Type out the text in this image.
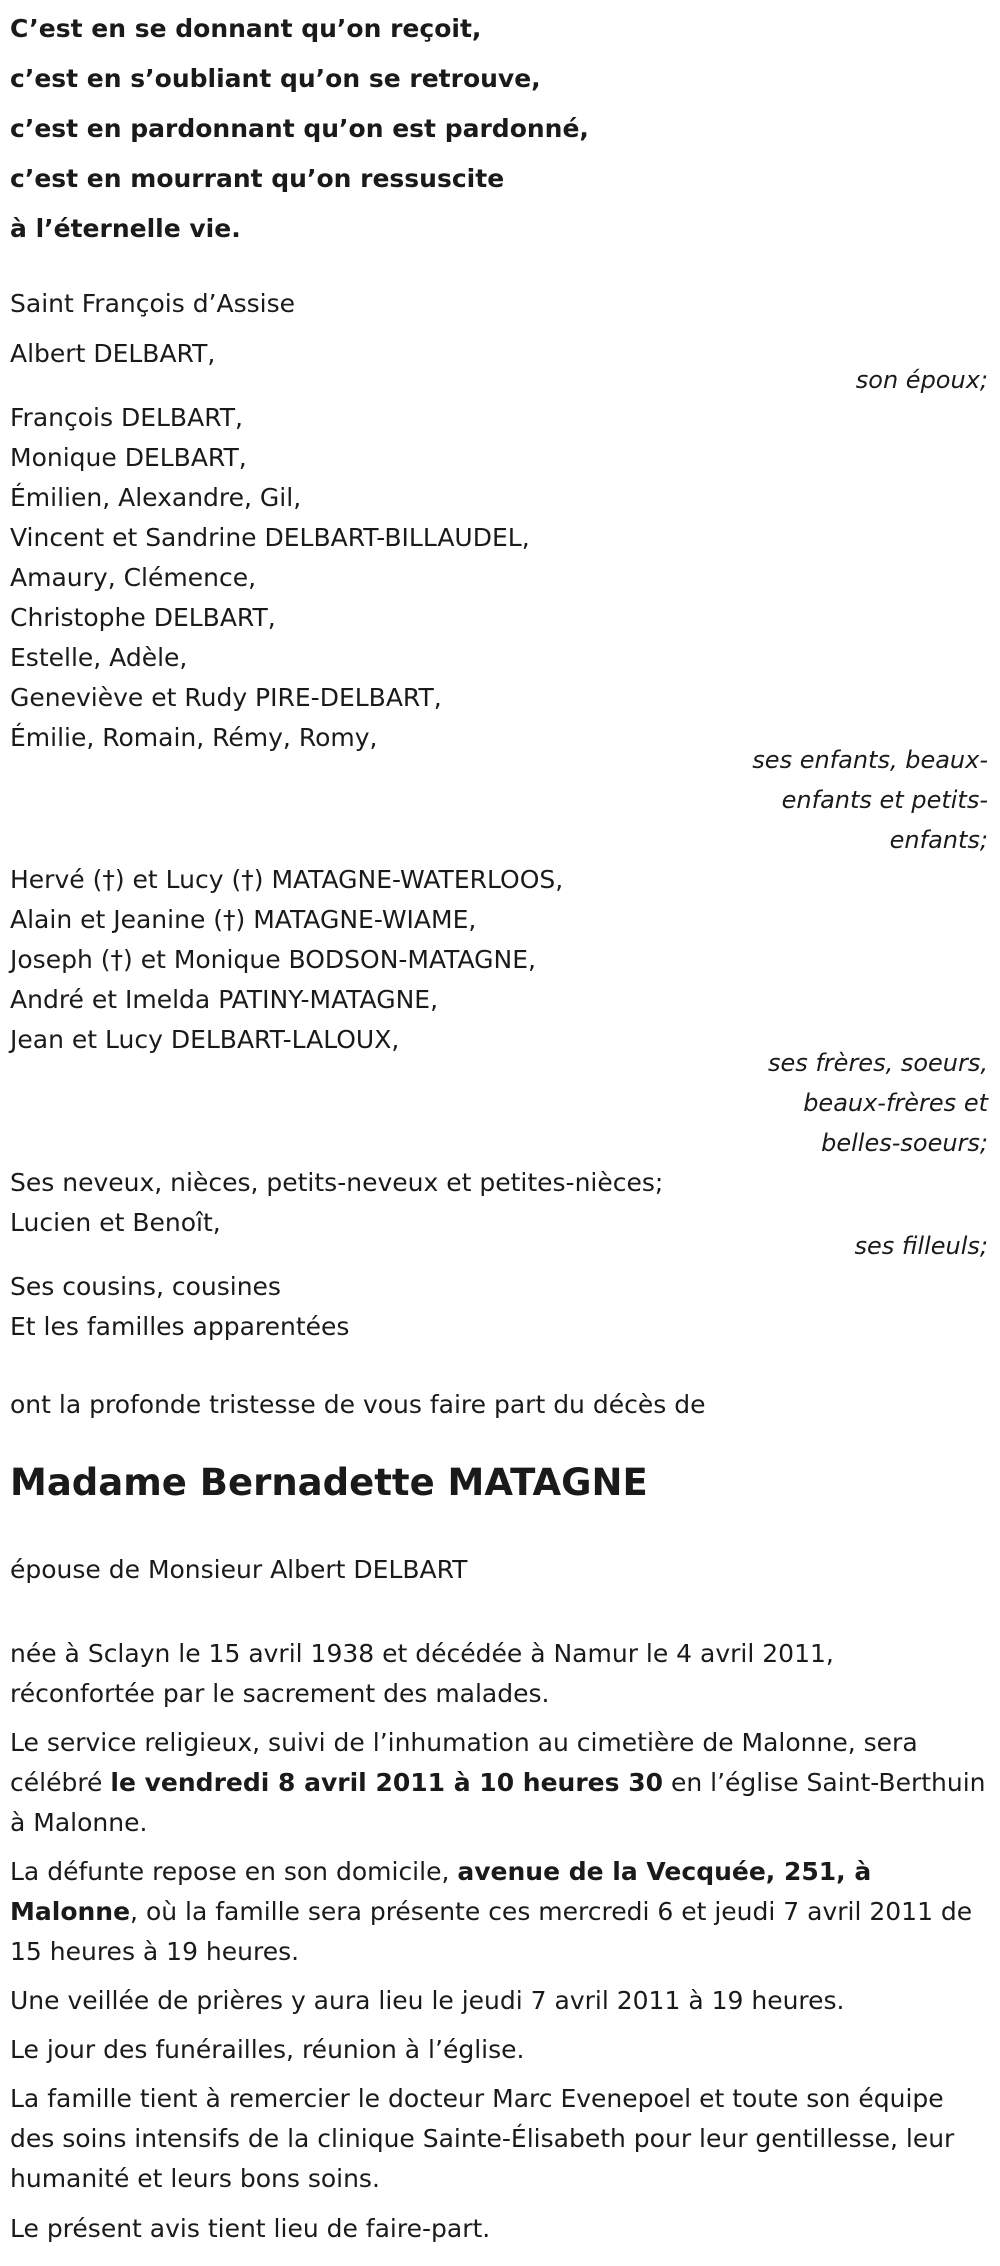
C’est en se donnant qu’on reçoit,
c’est en s’oubliant qu’on se retrouve,
c’est en pardonnant qu’on est pardonné,
c’est en mourrant qu’on ressuscite
à l’éternelle vie.
Saint François d’Assise
Albert DELBART,
son époux;
François DELBART,
Monique DELBART,
Émilien, Alexandre, Gil,
Vincent et Sandrine DELBART-BILLAUDEL,
Amaury, Clémence,
Christophe DELBART,
Estelle, Adèle,
Geneviève et Rudy PIRE-DELBART,
Émilie, Romain, Rémy, Romy,
ses enfants, beaux-
enfants et petits-
enfants;
Hervé (†) et Lucy (†) MATAGNE-WATERLOOS,
Alain et Jeanine (†) MATAGNE-WIAME,
Joseph (†) et Monique BODSON-MATAGNE,
André et Imelda PATINY-MATAGNE,
Jean et Lucy DELBART-LALOUX,
ses frères, soeurs,
beaux-frères et
belles-soeurs;
Ses neveux, nièces, petits-neveux et petites-nièces;
Lucien et Benoît,
ses filleuls;
Ses cousins, cousines
Et les familles apparentées
ont la profonde tristesse de vous faire part du décès de
Madame Bernadette MATAGNE
épouse de Monsieur Albert DELBART
née à Sclayn le 15 avril 1938 et décédée à Namur le 4 avril 2011,
réconfortée par le sacrement des malades.
Le service religieux, suivi de l’inhumation au cimetière de Malonne, sera célébré le vendredi 8 avril 2011 à 10 heures 30 en l’église Saint-Berthuin à Malonne.
La défunte repose en son domicile, avenue de la Vecquée, 251, à Malonne, où la famille sera présente ces mercredi 6 et jeudi 7 avril 2011 de 15 heures à 19 heures.
Une veillée de prières y aura lieu le jeudi 7 avril 2011 à 19 heures.
Le jour des funérailles, réunion à l’église.
La famille tient à remercier le docteur Marc Evenepoel et toute son équipe des soins intensifs de la clinique Sainte-Élisabeth pour leur gentillesse, leur humanité et leurs bons soins.
Le présent avis tient lieu de faire-part.
